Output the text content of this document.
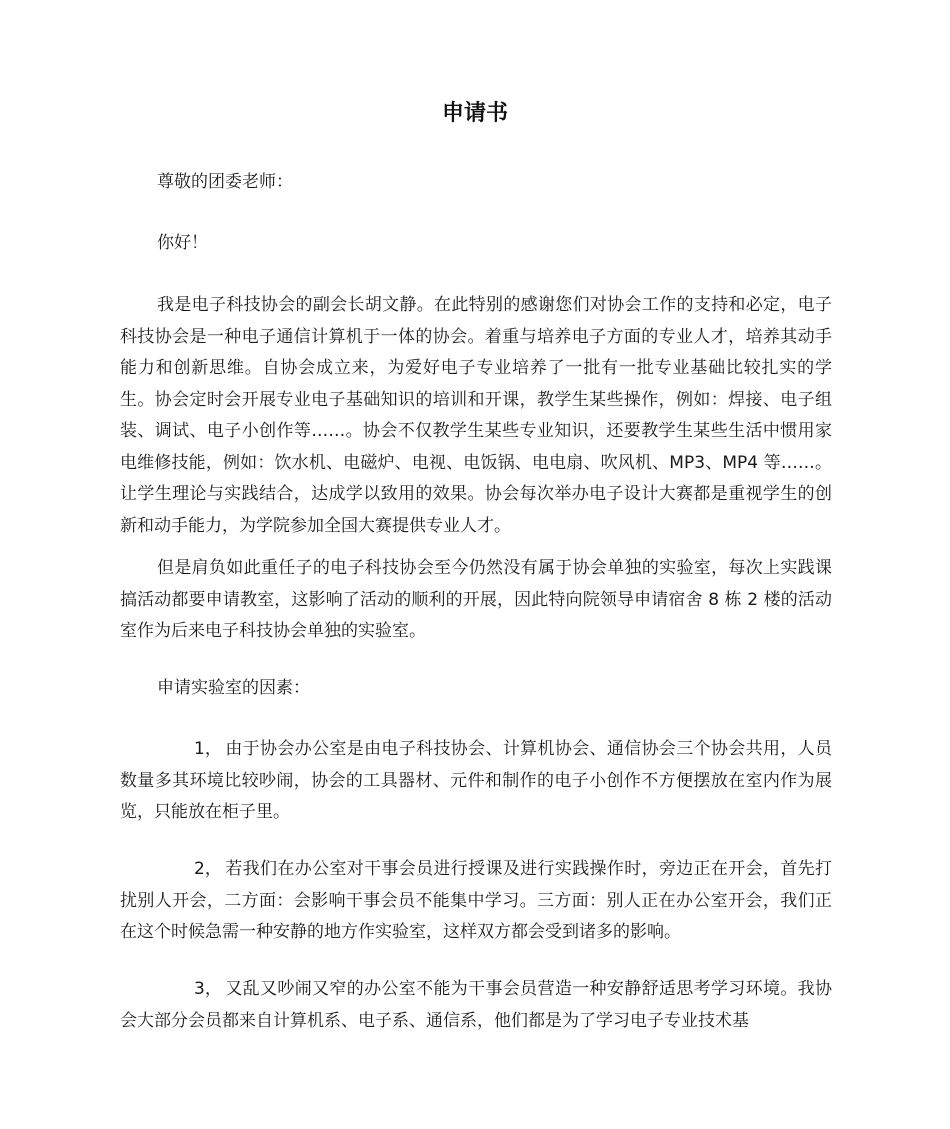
申请书

尊敬的团委老师：

你好！

我是电子科技协会的副会长胡文静。在此特别的感谢您们对协会工作的支持和必定，电子科技协会是一种电子通信计算机于一体的协会。着重与培养电子方面的专业人才，培养其动手能力和创新思维。自协会成立来，为爱好电子专业培养了一批有一批专业基础比较扎实的学生。协会定时会开展专业电子基础知识的培训和开课，教学生某些操作，例如：焊接、电子组装、调试、电子小创作等……。协会不仅教学生某些专业知识，还要教学生某些生活中惯用家电维修技能，例如：饮水机、电磁炉、电视、电饭锅、电电扇、吹风机、MP3、MP4 等……。让学生理论与实践结合，达成学以致用的效果。协会每次举办电子设计大赛都是重视学生的创新和动手能力，为学院参加全国大赛提供专业人才。

但是肩负如此重任子的电子科技协会至今仍然没有属于协会单独的实验室，每次上实践课搞活动都要申请教室，这影响了活动的顺利的开展，因此特向院领导申请宿舍 8 栋 2 楼的活动室作为后来电子科技协会单独的实验室。

申请实验室的因素：

1， 由于协会办公室是由电子科技协会、计算机协会、通信协会三个协会共用，人员数量多其环境比较吵闹，协会的工具器材、元件和制作的电子小创作不方便摆放在室内作为展览，只能放在柜子里。

2， 若我们在办公室对干事会员进行授课及进行实践操作时，旁边正在开会，首先打扰别人开会，二方面：会影响干事会员不能集中学习。三方面：别人正在办公室开会，我们正在这个时候急需一种安静的地方作实验室，这样双方都会受到诸多的影响。

3， 又乱又吵闹又窄的办公室不能为干事会员营造一种安静舒适思考学习环境。我协会大部分会员都来自计算机系、电子系、通信系，他们都是为了学习电子专业技术基
